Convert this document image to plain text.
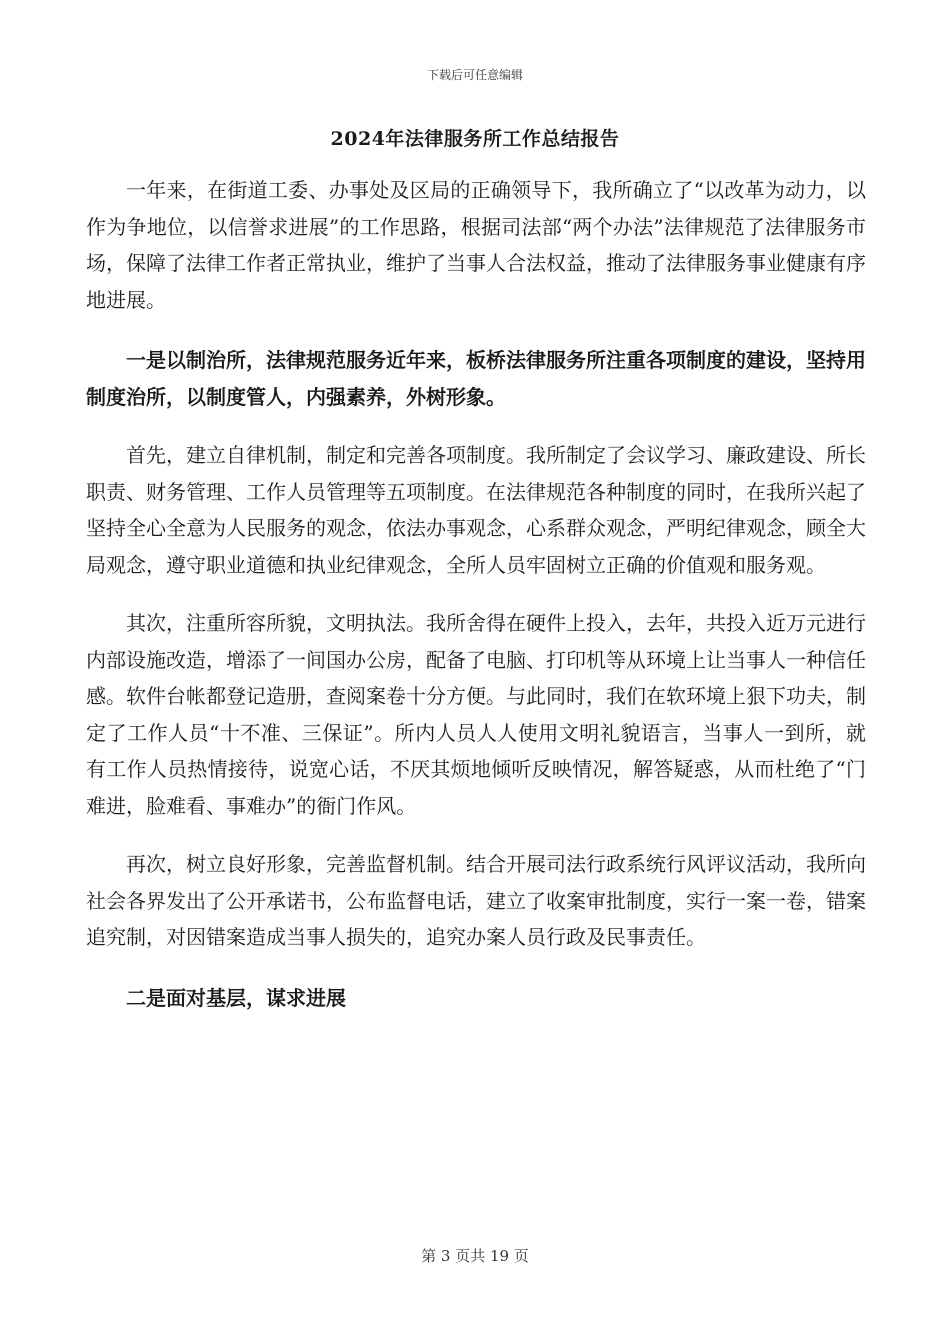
下载后可任意编辑
2024年法律服务所工作总结报告

一年来，在街道工委、办事处及区局的正确领导下，我所确立了“以改革为动力，以作为争地位，以信誉求进展”的工作思路，根据司法部“两个办法”法律规范了法律服务市场，保障了法律工作者正常执业，维护了当事人合法权益，推动了法律服务事业健康有序地进展。

一是以制治所，法律规范服务近年来，板桥法律服务所注重各项制度的建设，坚持用制度治所，以制度管人，内强素养，外树形象。

首先，建立自律机制，制定和完善各项制度。我所制定了会议学习、廉政建设、所长职责、财务管理、工作人员管理等五项制度。在法律规范各种制度的同时，在我所兴起了坚持全心全意为人民服务的观念，依法办事观念，心系群众观念，严明纪律观念，顾全大局观念，遵守职业道德和执业纪律观念，全所人员牢固树立正确的价值观和服务观。

其次，注重所容所貌，文明执法。我所舍得在硬件上投入，去年，共投入近万元进行内部设施改造，增添了一间国办公房，配备了电脑、打印机等从环境上让当事人一种信任感。软件台帐都登记造册，查阅案卷十分方便。与此同时，我们在软环境上狠下功夫，制定了工作人员“十不准、三保证”。所内人员人人使用文明礼貌语言，当事人一到所，就有工作人员热情接待，说宽心话，不厌其烦地倾听反映情况，解答疑惑，从而杜绝了“门难进，脸难看、事难办”的衙门作风。

再次，树立良好形象，完善监督机制。结合开展司法行政系统行风评议活动，我所向社会各界发出了公开承诺书，公布监督电话，建立了收案审批制度，实行一案一卷，错案追究制，对因错案造成当事人损失的，追究办案人员行政及民事责任。

二是面对基层，谋求进展

第 3 页共 19 页
